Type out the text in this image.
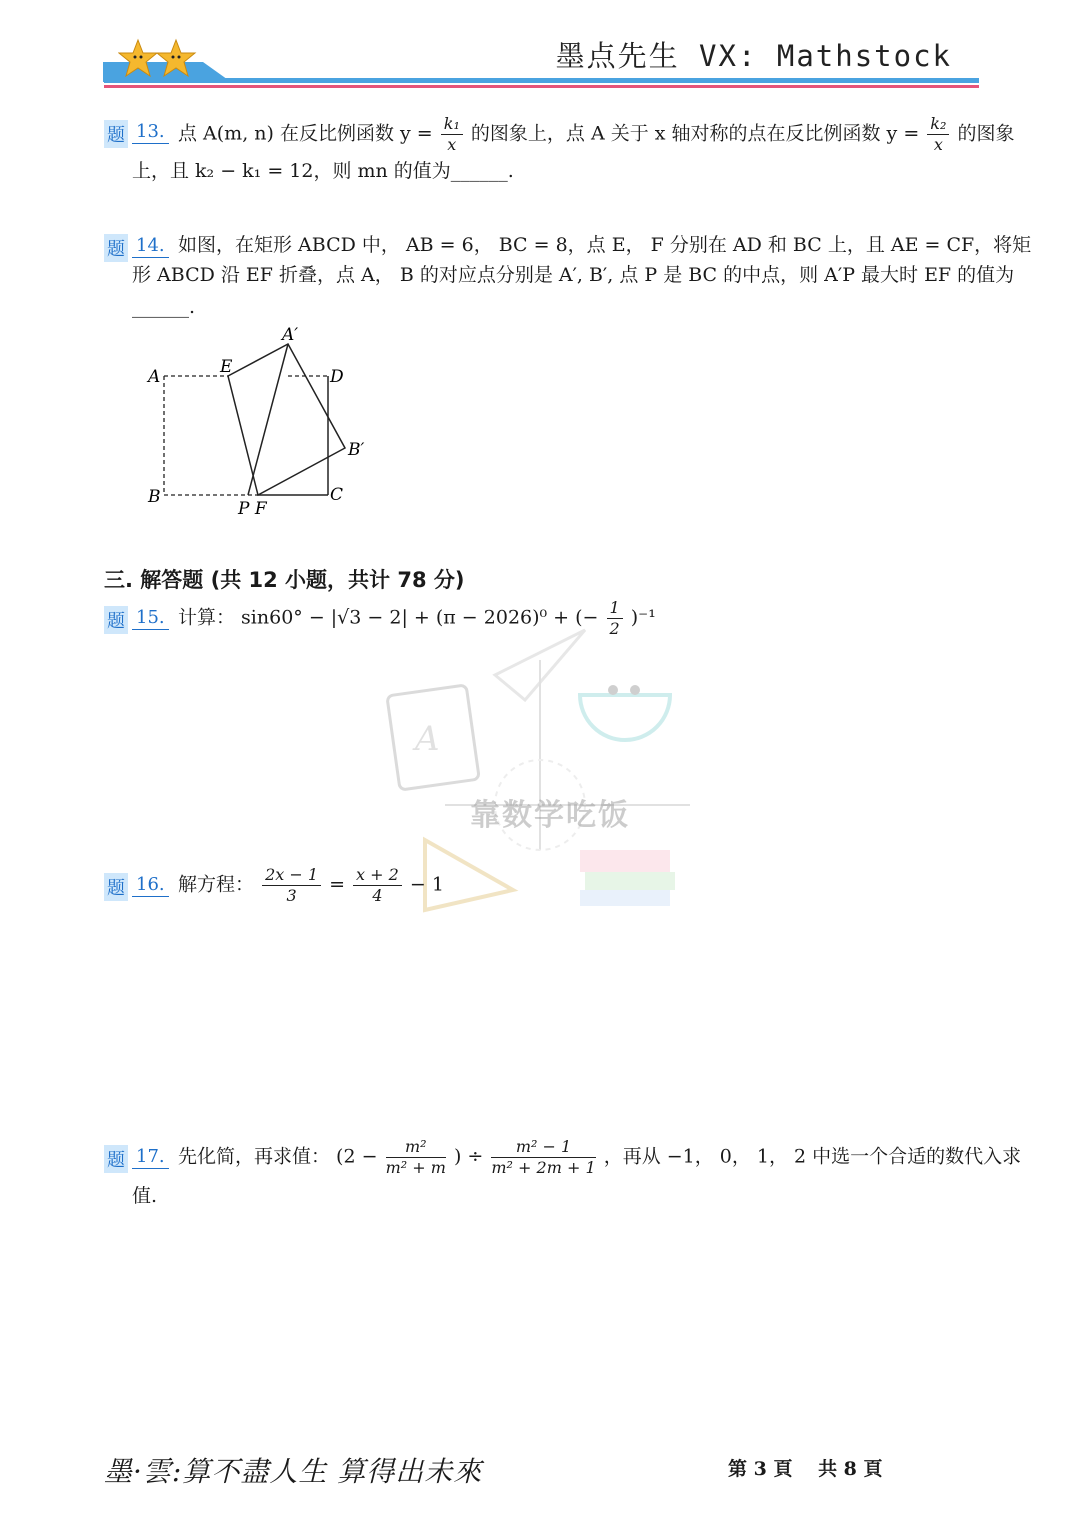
墨点先生 VX: Mathstock
题 13. 点 A(m, n) 在反比例函数 $y = \frac{\text{k₁}}{x}$ 的图象上，点 A 关于 x 轴对称的点在反比例函数 $y = \frac{\text{k₂}}{x}$ 的图象
上，且 k₂ − k₁ = 12，则 mn 的值为______.
题 14. 如图，在矩形 ABCD 中， AB = 6， BC = 8，点 E， F 分别在 AD 和 BC 上，且 AE = CF，将矩
形 ABCD 沿 EF 折叠，点 A， B 的对应点分别是 A′, B′, 点 P 是 BC 的中点，则 A′P 最大时 EF 的值为
______.
A
B	C
D
E
P F
A′
B′
三. 解答题 (共 12 小题，共计 78 分)
题 15. 计算： sin60° − |√3 − 2| + (π − 2026)⁰ + (− $\frac{1}{2} )^{-1}$
A
靠数学吃饭
题 16. 解方程： $\frac{2x - 1}{3} = \frac{x + 2}{4} - 1$
题 17. 先化简，再求值： ($2 - \frac{\text{m²}}{\text{m² + m}}$ ) ÷ $\frac{\text{m² − 1}}{\text{m² + 2m + 1}}$ ，再从 −1， 0， 1， 2 中选一个合适的数代入求
值.
墨·雲:算不盡人生 算得出未來	第 3 頁　 共 8 頁
